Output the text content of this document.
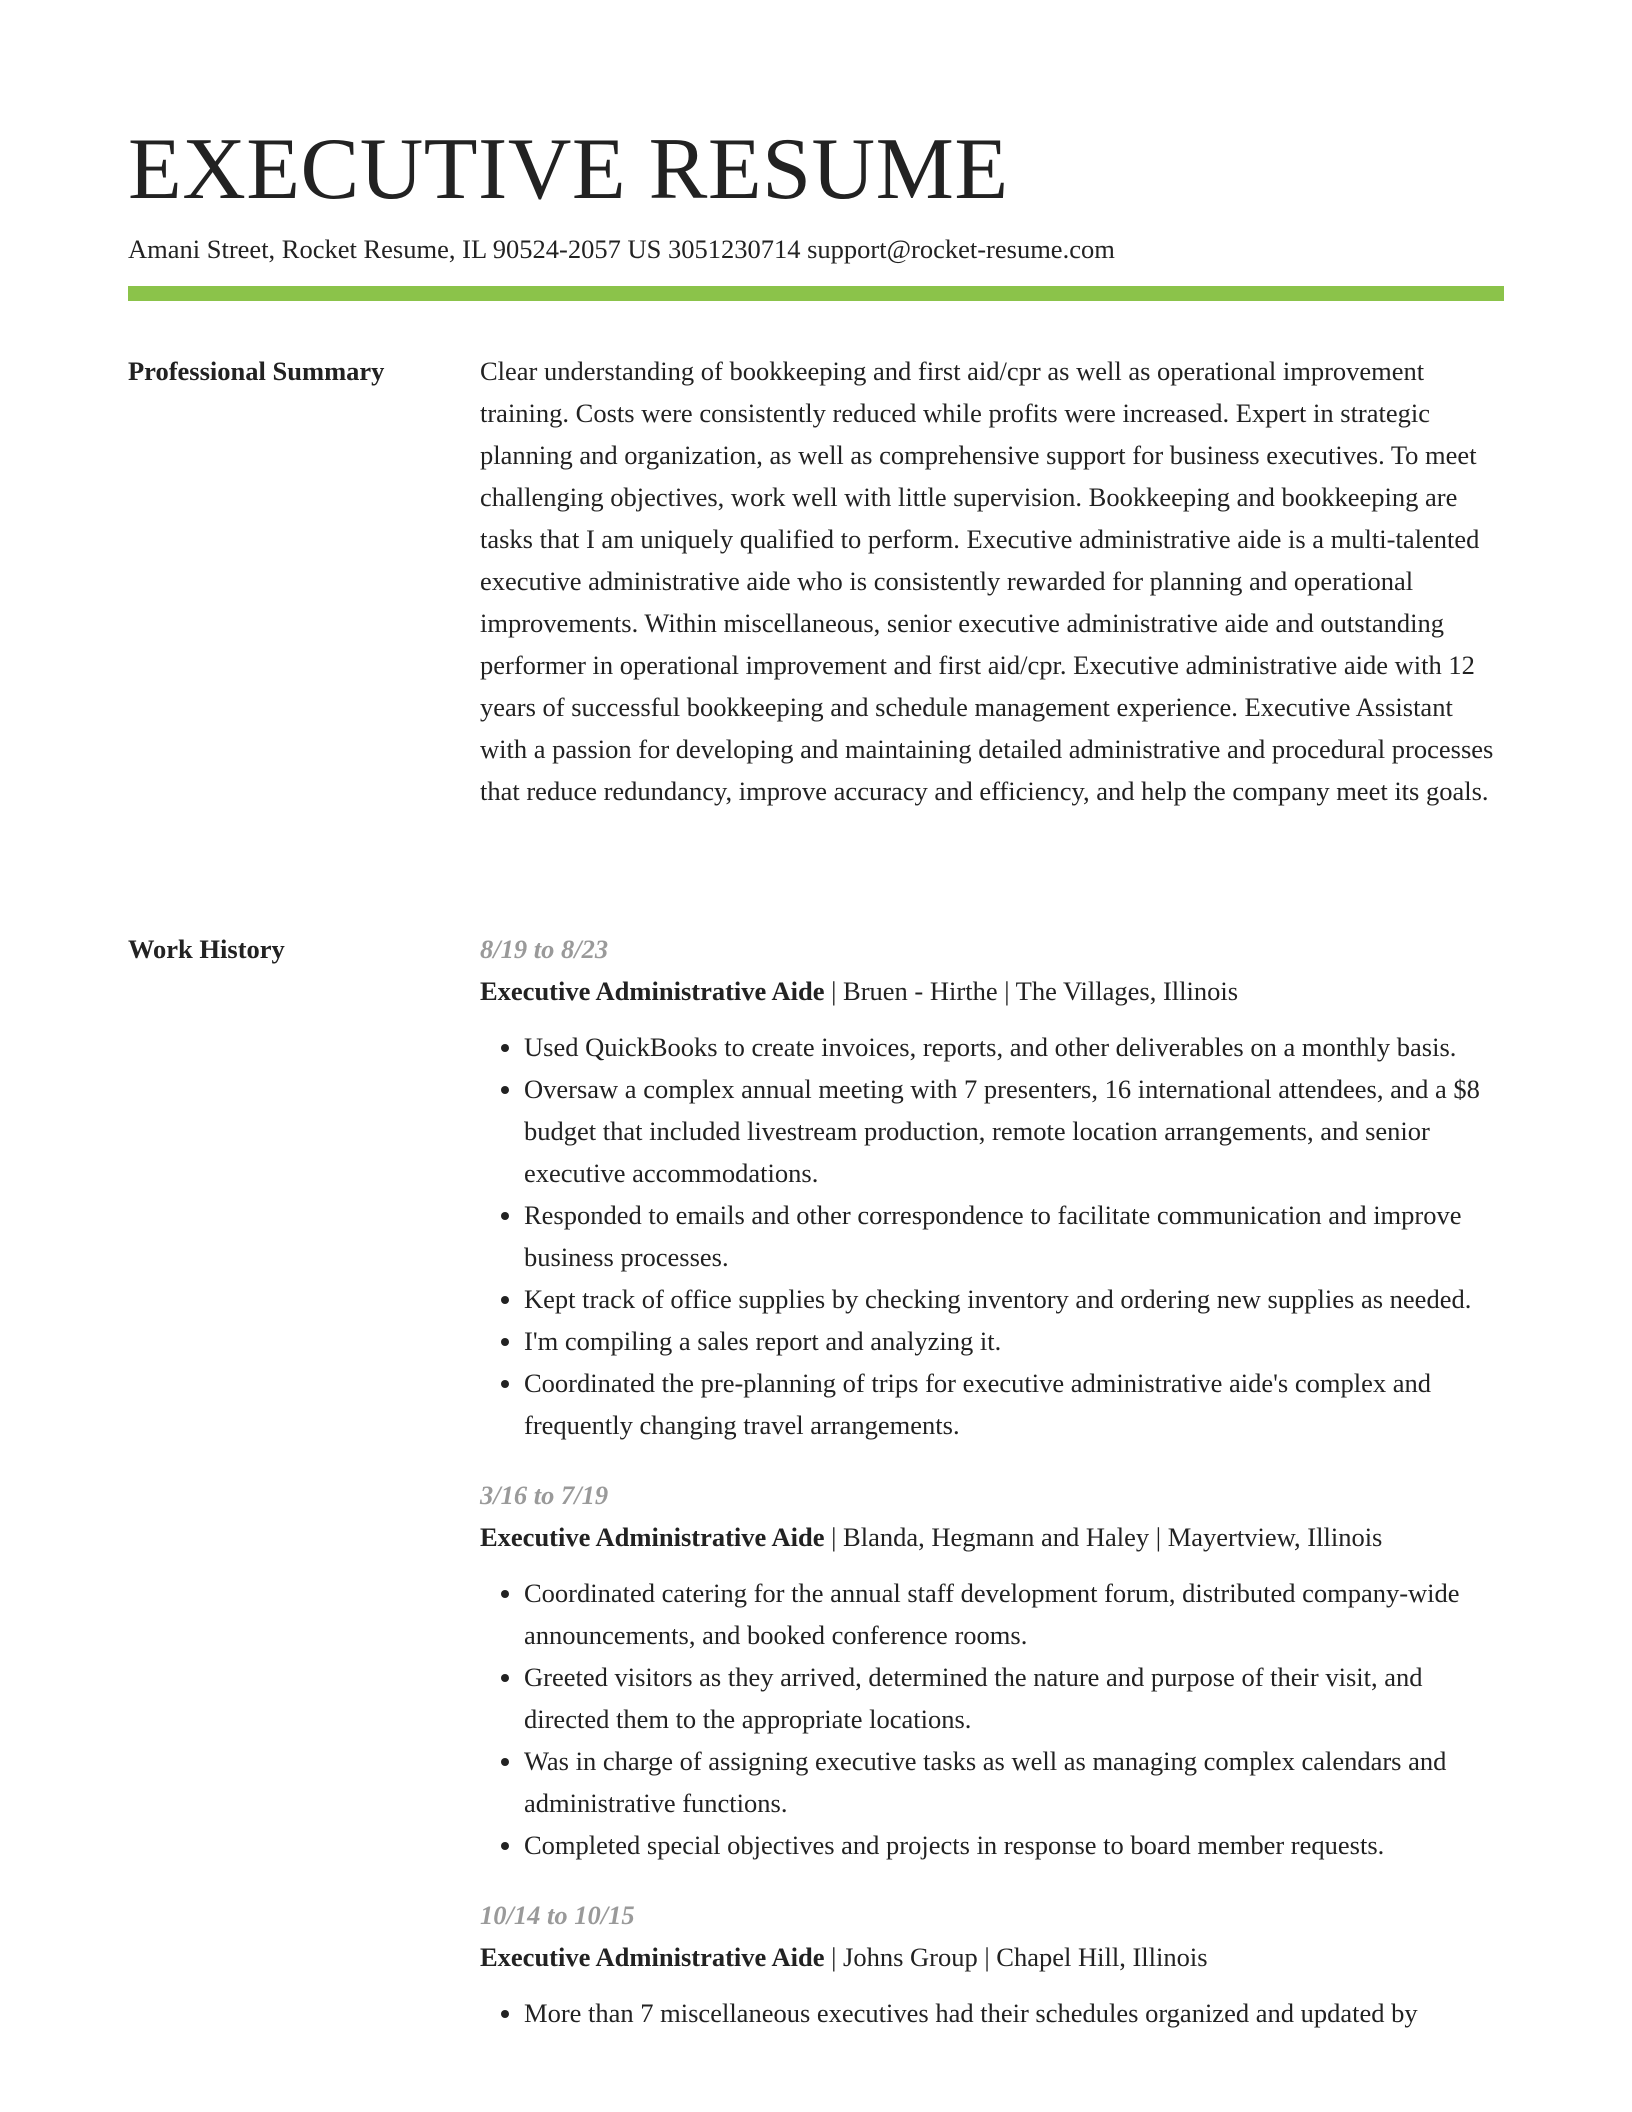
EXECUTIVE RESUME
Amani Street, Rocket Resume, IL 90524-2057 US 3051230714 support@rocket-resume.com
Professional Summary	Clear understanding of bookkeeping and first aid/cpr as well as operational improvement training. Costs were consistently reduced while profits were increased. Expert in strategic planning and organization, as well as comprehensive support for business executives. To meet challenging objectives, work well with little supervision. Bookkeeping and bookkeeping are tasks that I am uniquely qualified to perform. Executive administrative aide is a multi-talented executive administrative aide who is consistently rewarded for planning and operational improvements. Within miscellaneous, senior executive administrative aide and outstanding performer in operational improvement and first aid/cpr. Executive administrative aide with 12 years of successful bookkeeping and schedule management experience. Executive Assistant with a passion for developing and maintaining detailed administrative and procedural processes that reduce redundancy, improve accuracy and efficiency, and help the company meet its goals.

Work History	8/19 to 8/23
Executive Administrative Aide | Bruen - Hirthe | The Villages, Illinois
• Used QuickBooks to create invoices, reports, and other deliverables on a monthly basis.
• Oversaw a complex annual meeting with 7 presenters, 16 international attendees, and a $8 budget that included livestream production, remote location arrangements, and senior executive accommodations.
• Responded to emails and other correspondence to facilitate communication and improve business processes.
• Kept track of office supplies by checking inventory and ordering new supplies as needed.
• I'm compiling a sales report and analyzing it.
• Coordinated the pre-planning of trips for executive administrative aide's complex and frequently changing travel arrangements.
3/16 to 7/19
Executive Administrative Aide | Blanda, Hegmann and Haley | Mayertview, Illinois
• Coordinated catering for the annual staff development forum, distributed company-wide announcements, and booked conference rooms.
• Greeted visitors as they arrived, determined the nature and purpose of their visit, and directed them to the appropriate locations.
• Was in charge of assigning executive tasks as well as managing complex calendars and administrative functions.
• Completed special objectives and projects in response to board member requests.
10/14 to 10/15
Executive Administrative Aide | Johns Group | Chapel Hill, Illinois
• More than 7 miscellaneous executives had their schedules organized and updated by
